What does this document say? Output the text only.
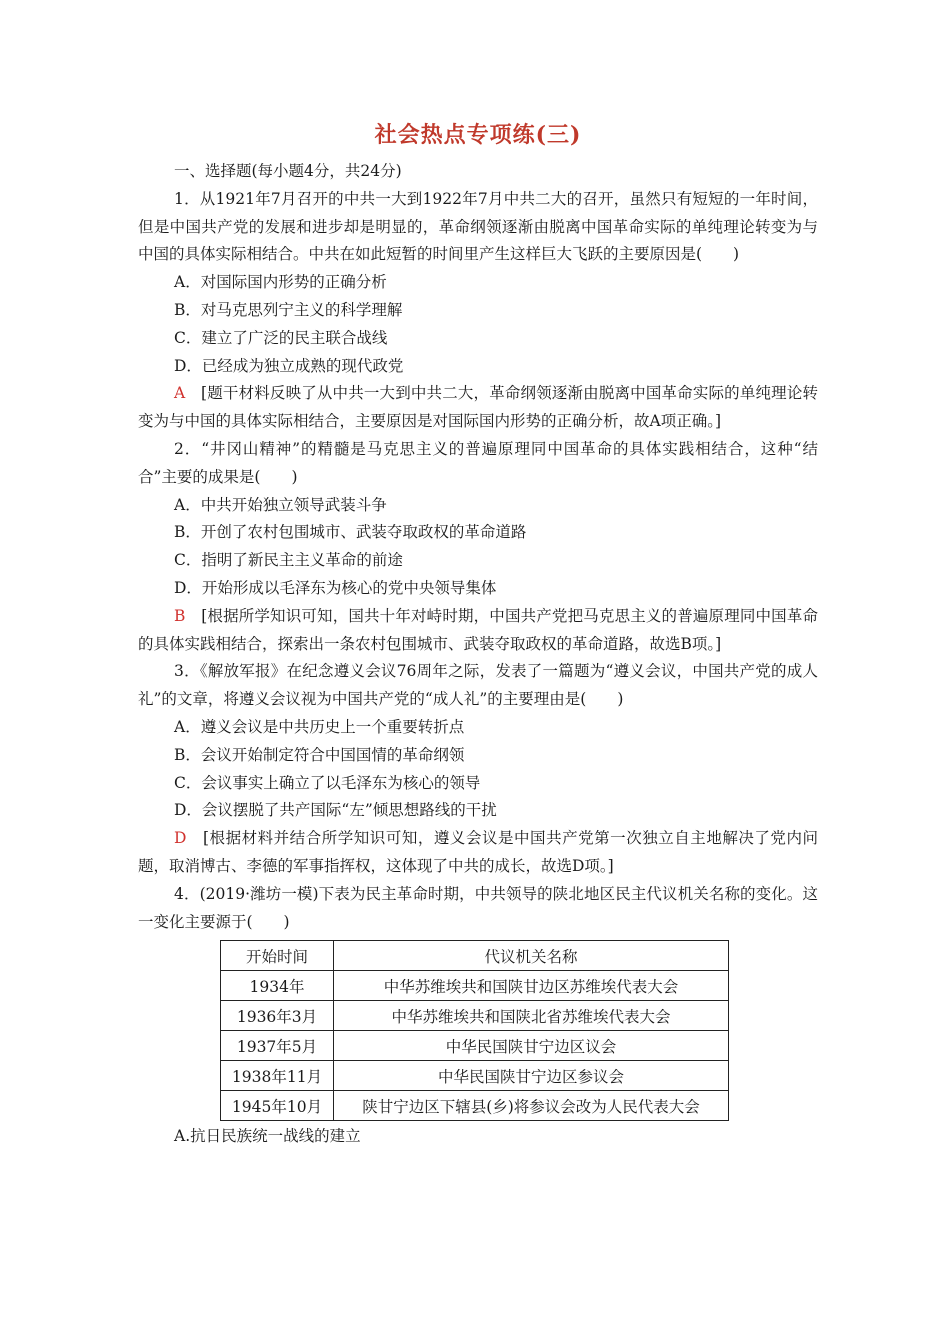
社会热点专项练(三)

一、选择题(每小题4分，共24分)

1．从1921年7月召开的中共一大到1922年7月中共二大的召开，虽然只有短短的一年时间，但是中国共产党的发展和进步却是明显的，革命纲领逐渐由脱离中国革命实际的单纯理论转变为与中国的具体实际相结合。中共在如此短暂的时间里产生这样巨大飞跃的主要原因是(　　)

A．对国际国内形势的正确分析

B．对马克思列宁主义的科学理解

C．建立了广泛的民主联合战线

D．已经成为独立成熟的现代政党

A　[题干材料反映了从中共一大到中共二大，革命纲领逐渐由脱离中国革命实际的单纯理论转变为与中国的具体实际相结合，主要原因是对国际国内形势的正确分析，故A项正确。]

2．“井冈山精神”的精髓是马克思主义的普遍原理同中国革命的具体实践相结合，这种“结合”主要的成果是(　　)

A．中共开始独立领导武装斗争

B．开创了农村包围城市、武装夺取政权的革命道路

C．指明了新民主主义革命的前途

D．开始形成以毛泽东为核心的党中央领导集体

B　[根据所学知识可知，国共十年对峙时期，中国共产党把马克思主义的普遍原理同中国革命的具体实践相结合，探索出一条农村包围城市、武装夺取政权的革命道路，故选B项。]

3．《解放军报》在纪念遵义会议76周年之际，发表了一篇题为“遵义会议，中国共产党的成人礼”的文章，将遵义会议视为中国共产党的“成人礼”的主要理由是(　　)

A．遵义会议是中共历史上一个重要转折点

B．会议开始制定符合中国国情的革命纲领

C．会议事实上确立了以毛泽东为核心的领导

D．会议摆脱了共产国际“左”倾思想路线的干扰

D　[根据材料并结合所学知识可知，遵义会议是中国共产党第一次独立自主地解决了党内问题，取消博古、李德的军事指挥权，这体现了中共的成长，故选D项。]

4．(2019·潍坊一模)下表为民主革命时期，中共领导的陕北地区民主代议机关名称的变化。这一变化主要源于(　　)

开始时间	代议机关名称
1934年	中华苏维埃共和国陕甘边区苏维埃代表大会
1936年3月	中华苏维埃共和国陕北省苏维埃代表大会
1937年5月	中华民国陕甘宁边区议会
1938年11月	中华民国陕甘宁边区参议会
1945年10月	陕甘宁边区下辖县(乡)将参议会改为人民代表大会

A.抗日民族统一战线的建立
